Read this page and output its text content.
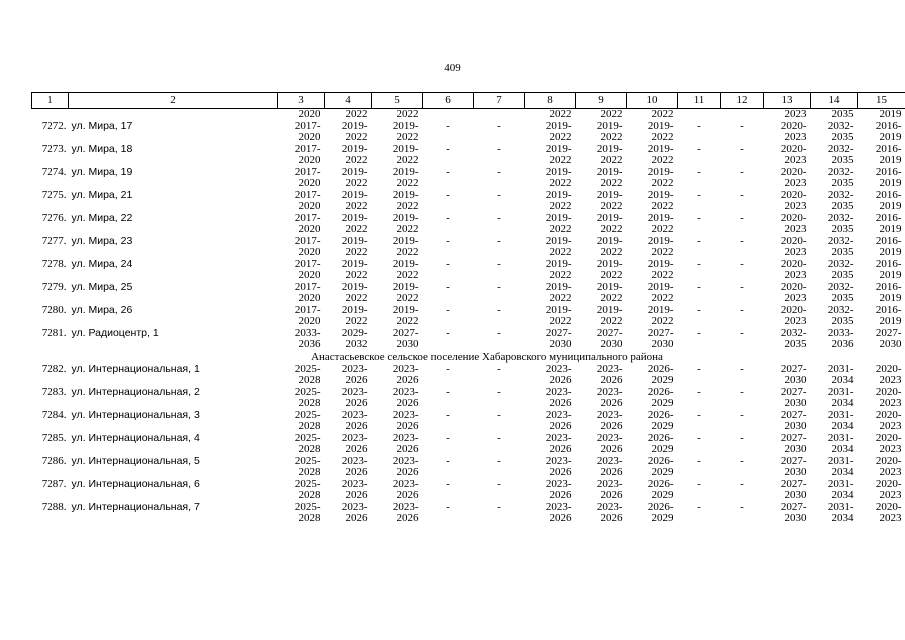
409
1	2	3	4	5	6	7	8	9	10	11	12	13	14	15
		2020	2022	2022			2022	2022	2022			2023	2035	2019
7272.	ул. Мира, 17	2017-	2019-	2019-	-	-	2019-	2019-	2019-	-	-	2020-	2032-	2016-
		2020	2022	2022			2022	2022	2022			2023	2035	2019
7273.	ул. Мира, 18	2017-	2019-	2019-	-	-	2019-	2019-	2019-	-	-	2020-	2032-	2016-
		2020	2022	2022			2022	2022	2022			2023	2035	2019
7274.	ул. Мира, 19	2017-	2019-	2019-	-	-	2019-	2019-	2019-	-	-	2020-	2032-	2016-
		2020	2022	2022			2022	2022	2022			2023	2035	2019
7275.	ул. Мира, 21	2017-	2019-	2019-	-	-	2019-	2019-	2019-	-	-	2020-	2032-	2016-
		2020	2022	2022			2022	2022	2022			2023	2035	2019
7276.	ул. Мира, 22	2017-	2019-	2019-	-	-	2019-	2019-	2019-	-	-	2020-	2032-	2016-
		2020	2022	2022			2022	2022	2022			2023	2035	2019
7277.	ул. Мира, 23	2017-	2019-	2019-	-	-	2019-	2019-	2019-	-	-	2020-	2032-	2016-
		2020	2022	2022			2022	2022	2022			2023	2035	2019
7278.	ул. Мира, 24	2017-	2019-	2019-	-	-	2019-	2019-	2019-	-	-	2020-	2032-	2016-
		2020	2022	2022			2022	2022	2022			2023	2035	2019
7279.	ул. Мира, 25	2017-	2019-	2019-	-	-	2019-	2019-	2019-	-	-	2020-	2032-	2016-
		2020	2022	2022			2022	2022	2022			2023	2035	2019
7280.	ул. Мира, 26	2017-	2019-	2019-	-	-	2019-	2019-	2019-	-	-	2020-	2032-	2016-
		2020	2022	2022			2022	2022	2022			2023	2035	2019
7281.	ул. Радиоцентр, 1	2033-	2029-	2027-	-	-	2027-	2027-	2027-	-	-	2032-	2033-	2027-
		2036	2032	2030			2030	2030	2030			2035	2036	2030
	Анастасьевское сельское поселение Хабаровского муниципального района													
7282.	ул. Интернациональная, 1	2025-	2023-	2023-	-	-	2023-	2023-	2026-	-	-	2027-	2031-	2020-
		2028	2026	2026			2026	2026	2029			2030	2034	2023
7283.	ул. Интернациональная, 2	2025-	2023-	2023-	-	-	2023-	2023-	2026-	-	-	2027-	2031-	2020-
		2028	2026	2026			2026	2026	2029			2030	2034	2023
7284.	ул. Интернациональная, 3	2025-	2023-	2023-	-	-	2023-	2023-	2026-	-	-	2027-	2031-	2020-
		2028	2026	2026			2026	2026	2029			2030	2034	2023
7285.	ул. Интернациональная, 4	2025-	2023-	2023-	-	-	2023-	2023-	2026-	-	-	2027-	2031-	2020-
		2028	2026	2026			2026	2026	2029			2030	2034	2023
7286.	ул. Интернациональная, 5	2025-	2023-	2023-	-	-	2023-	2023-	2026-	-	-	2027-	2031-	2020-
		2028	2026	2026			2026	2026	2029			2030	2034	2023
7287.	ул. Интернациональная, 6	2025-	2023-	2023-	-	-	2023-	2023-	2026-	-	-	2027-	2031-	2020-
		2028	2026	2026			2026	2026	2029			2030	2034	2023
7288.	ул. Интернациональная, 7	2025-	2023-	2023-	-	-	2023-	2023-	2026-	-	-	2027-	2031-	2020-
		2028	2026	2026			2026	2026	2029			2030	2034	2023
